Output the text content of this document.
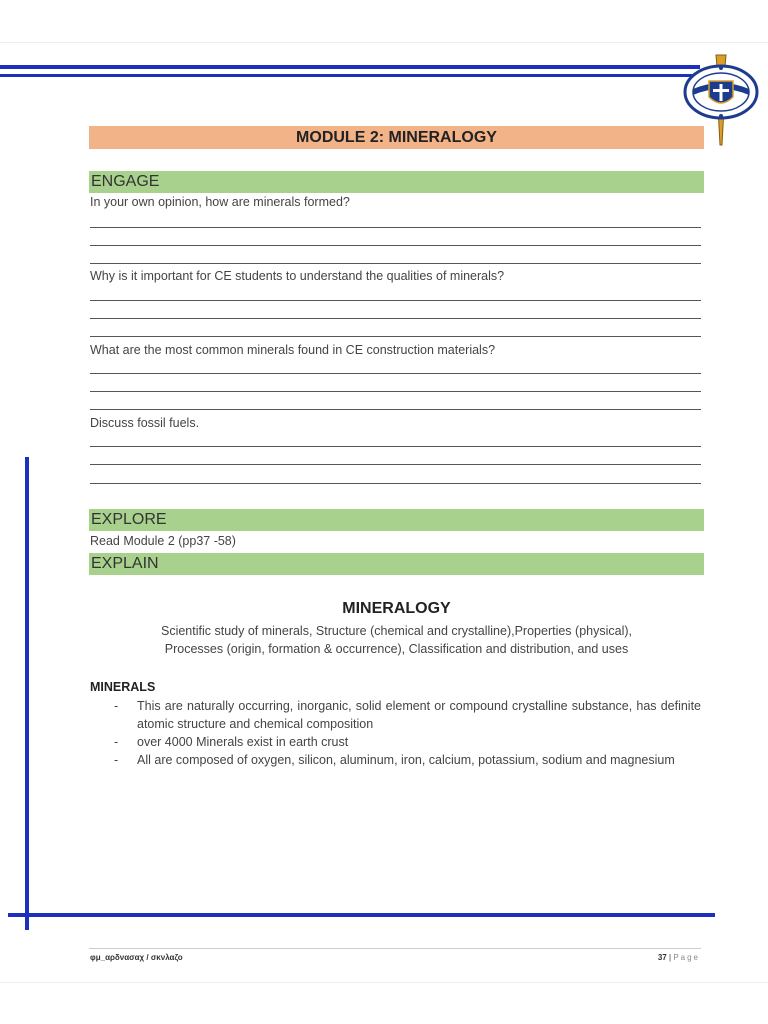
MODULE 2: MINERALOGY
ENGAGE
In your own opinion, how are minerals formed?
Why is it important for CE students to understand the qualities of minerals?
What are the most common minerals found in CE construction materials?
Discuss fossil fuels.
EXPLORE
Read Module 2 (pp37 -58)
EXPLAIN
MINERALOGY
Scientific study of minerals, Structure (chemical and crystalline),Properties (physical),
Processes (origin, formation & occurrence), Classification and distribution, and uses
MINERALS
- This are naturally occurring, inorganic, solid element or compound crystalline substance, has definite atomic structure and chemical composition
- over 4000 Minerals exist in earth crust
- All are composed of oxygen, silicon, aluminum, iron, calcium, potassium, sodium and magnesium
φμ_αρδνασαχ / σκνλαζο	37 | Page
